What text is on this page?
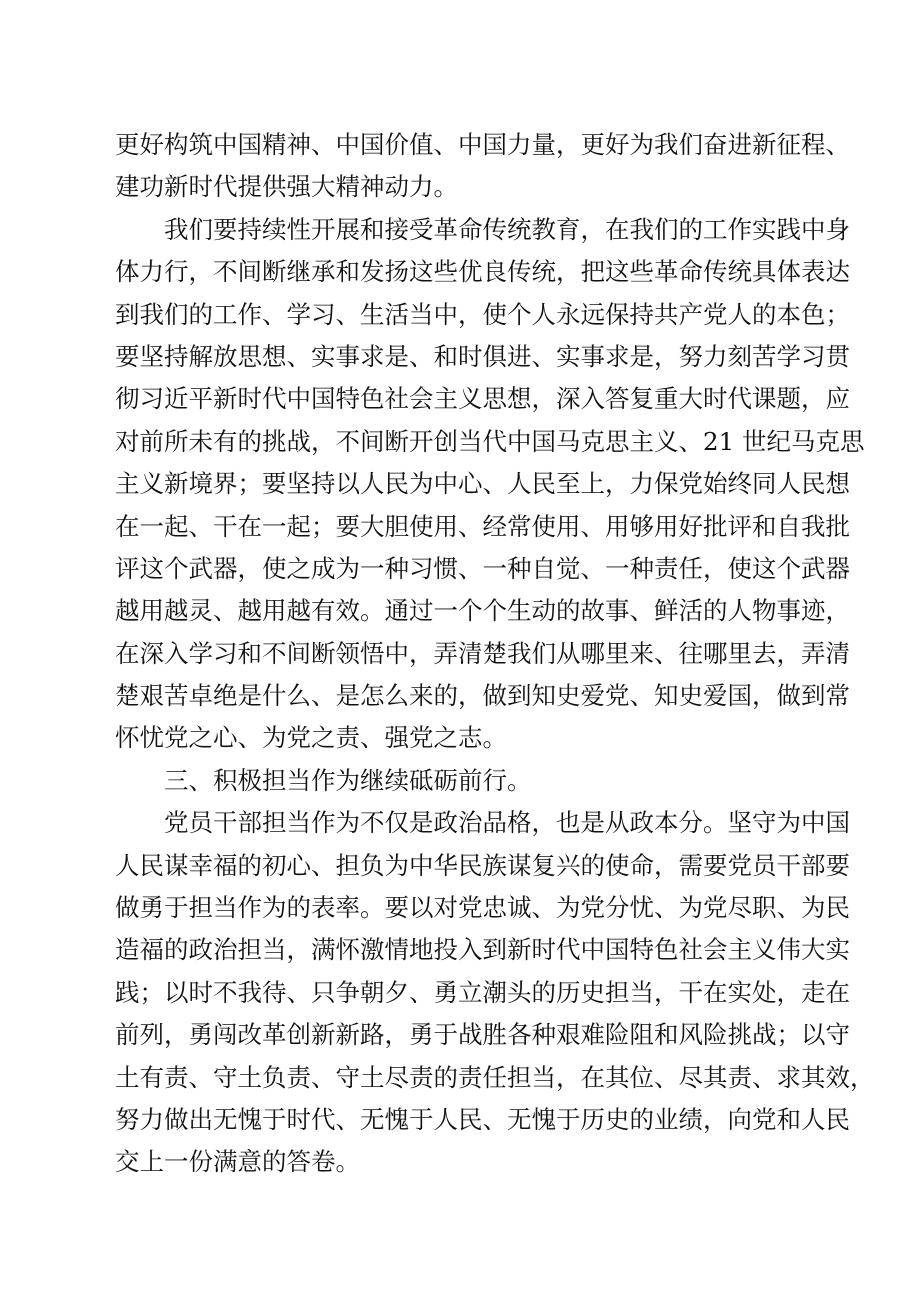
更好构筑中国精神、中国价值、中国力量，更好为我们奋进新征程、
建功新时代提供强大精神动力。
我们要持续性开展和接受革命传统教育，在我们的工作实践中身
体力行，不间断继承和发扬这些优良传统，把这些革命传统具体表达
到我们的工作、学习、生活当中，使个人永远保持共产党人的本色；
要坚持解放思想、实事求是、和时俱进、实事求是，努力刻苦学习贯
彻习近平新时代中国特色社会主义思想，深入答复重大时代课题，应
对前所未有的挑战，不间断开创当代中国马克思主义、21 世纪马克思
主义新境界；要坚持以人民为中心、人民至上，力保党始终同人民想
在一起、干在一起；要大胆使用、经常使用、用够用好批评和自我批
评这个武器，使之成为一种习惯、一种自觉、一种责任，使这个武器
越用越灵、越用越有效。通过一个个生动的故事、鲜活的人物事迹，
在深入学习和不间断领悟中，弄清楚我们从哪里来、往哪里去，弄清
楚艰苦卓绝是什么、是怎么来的，做到知史爱党、知史爱国，做到常
怀忧党之心、为党之责、强党之志。
三、积极担当作为继续砥砺前行。
党员干部担当作为不仅是政治品格，也是从政本分。坚守为中国
人民谋幸福的初心、担负为中华民族谋复兴的使命，需要党员干部要
做勇于担当作为的表率。要以对党忠诚、为党分忧、为党尽职、为民
造福的政治担当，满怀激情地投入到新时代中国特色社会主义伟大实
践；以时不我待、只争朝夕、勇立潮头的历史担当，干在实处，走在
前列，勇闯改革创新新路，勇于战胜各种艰难险阻和风险挑战；以守
土有责、守土负责、守土尽责的责任担当，在其位、尽其责、求其效，
努力做出无愧于时代、无愧于人民、无愧于历史的业绩，向党和人民
交上一份满意的答卷。
